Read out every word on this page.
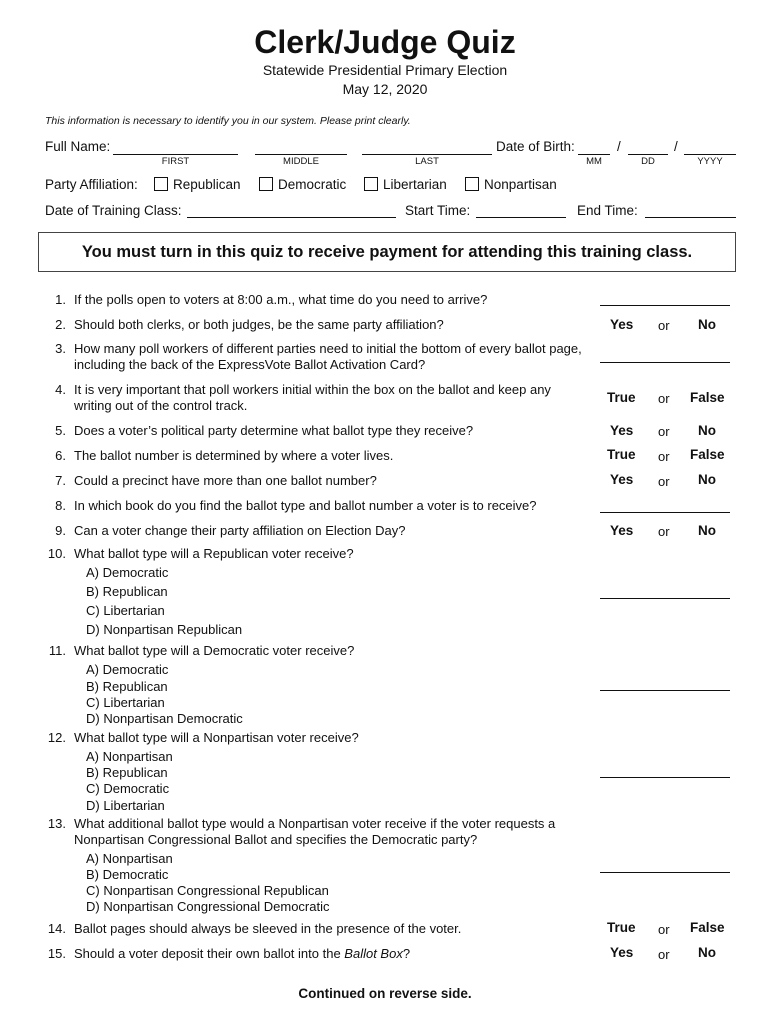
Clerk/Judge Quiz
Statewide Presidential Primary Election
May 12, 2020
This information is necessary to identify you in our system. Please print clearly.
Full Name:
FIRST	MIDDLE	LAST
Date of Birth:	/	/
MM	DD	YYYY
Party Affiliation:	Republican	Democratic	Libertarian	Nonpartisan
Date of Training Class:	Start Time:	End Time:
You must turn in this quiz to receive payment for attending this training class.
1. If the polls open to voters at 8:00 a.m., what time do you need to arrive?
2. Should both clerks, or both judges, be the same party affiliation?	Yes or No
3. How many poll workers of different parties need to initial the bottom of every ballot page, including the back of the ExpressVote Ballot Activation Card?
4. It is very important that poll workers initial within the box on the ballot and keep any writing out of the control track.
True or False
5. Does a voter’s political party determine what ballot type they receive?	Yes or No
6. The ballot number is determined by where a voter lives.	True or False
7. Could a precinct have more than one ballot number?	Yes or No
8. In which book do you find the ballot type and ballot number a voter is to receive?
9. Can a voter change their party affiliation on Election Day?	Yes or No
10. What ballot type will a Republican voter receive?
A) Democratic
B) Republican
C) Libertarian
D) Nonpartisan Republican
11. What ballot type will a Democratic voter receive?
A) Democratic
B) Republican
C) Libertarian
D) Nonpartisan Democratic
12. What ballot type will a Nonpartisan voter receive?
A) Nonpartisan
B) Republican
C) Democratic
D) Libertarian
13. What additional ballot type would a Nonpartisan voter receive if the voter requests a Nonpartisan Congressional Ballot and specifies the Democratic party?
A) Nonpartisan
B) Democratic
C) Nonpartisan Congressional Republican
D) Nonpartisan Congressional Democratic
14. Ballot pages should always be sleeved in the presence of the voter.	True or False
15. Should a voter deposit their own ballot into the Ballot Box?	Yes or No
Continued on reverse side.
